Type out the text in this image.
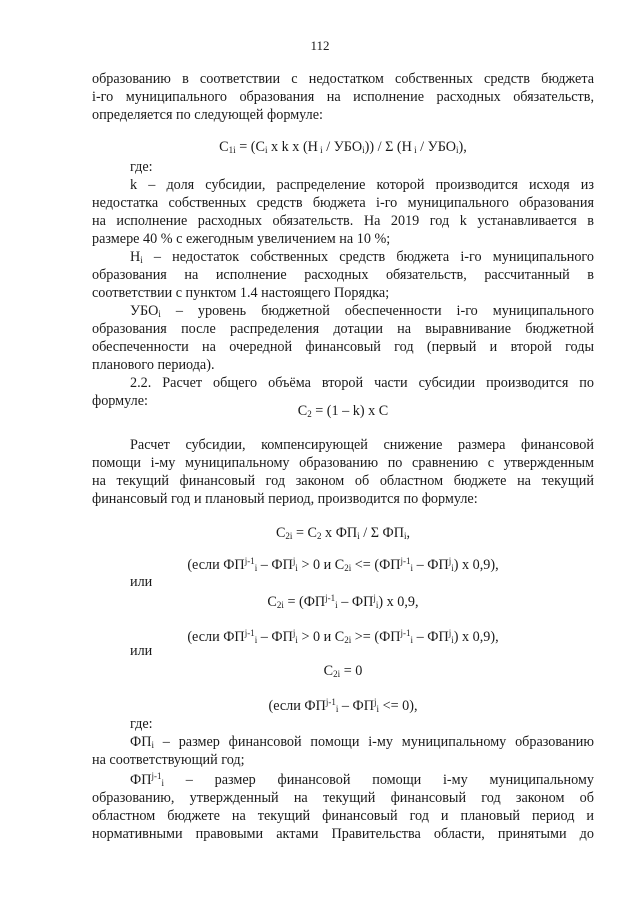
112
образованию в соответствии с недостатком собственных средств бюджета
i-го муниципального образования на исполнение расходных обязательств,
определяется по следующей формуле:
$C_{1i} = (C_i$ x k x (H $_i / УБО_i$)) / Σ (H $_i / УБО_i$),
где:
k – доля субсидии, распределение которой производится исходя из
недостатка собственных средств бюджета i-го муниципального образования
на исполнение расходных обязательств. На 2019 год k устанавливается в
размере 40 % с ежегодным увеличением на 10 %;
$H_i$ – недостаток собственных средств бюджета i-го муниципального
образования на исполнение расходных обязательств, рассчитанный в
соответствии с пунктом 1.4 настоящего Порядка;
$УБО_i$ – уровень бюджетной обеспеченности i-го муниципального
образования после распределения дотации на выравнивание бюджетной
обеспеченности на очередной финансовый год (первый и второй годы
планового периода).
2.2. Расчет общего объёма второй части субсидии производится по
формуле:
$C_2 = (1 - k)$ x C
Расчет субсидии, компенсирующей снижение размера финансовой
помощи i-му муниципальному образованию по сравнению с утвержденным
на текущий финансовый год законом об областном бюджете на текущий
финансовый год и плановый период, производится по формуле:
$C_{2i} = C_2$ x $ФП_i$ / Σ $ФП_i$,
(если $ФП^{j-1}_i - ФП^j_i > 0$ и $C_{2i} <= (ФП^{j-1}_i - ФП^j_i)$ x 0,9),
или
$C_{2i} = (ФП^{j-1}_i - ФП^j_i)$ x 0,9,
(если $ФП^{j-1}_i - ФП^j_i > 0$ и $C_{2i} >= (ФП^{j-1}_i - ФП^j_i)$ x 0,9),
или
$C_{2i} = 0$
(если $ФП^{j-1}_i - ФП^j_i <= 0$),
где:
$ФП_i$ – размер финансовой помощи i-му муниципальному образованию
на соответствующий год;
$ФП^{j-1}_i$ – размер финансовой помощи i-му муниципальному
образованию, утвержденный на текущий финансовый год законом об
областном бюджете на текущий финансовый год и плановый период и
нормативными правовыми актами Правительства области, принятыми до
